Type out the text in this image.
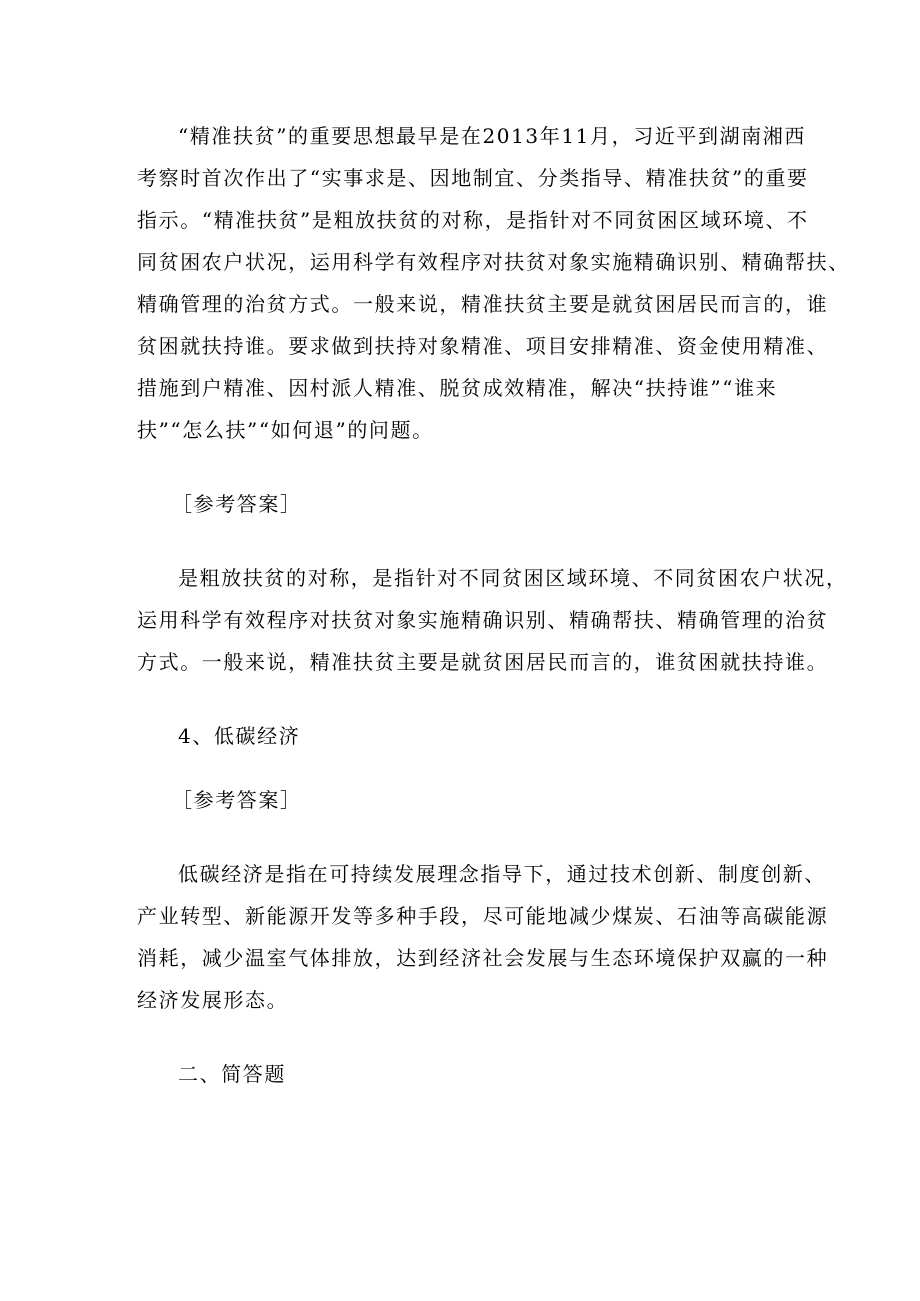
“精准扶贫”的重要思想最早是在2013年11月，习近平到湖南湘西
考察时首次作出了“实事求是、因地制宜、分类指导、精准扶贫”的重要
指示。“精准扶贫”是粗放扶贫的对称，是指针对不同贫困区域环境、不
同贫困农户状况，运用科学有效程序对扶贫对象实施精确识别、精确帮扶、
精确管理的治贫方式。一般来说，精准扶贫主要是就贫困居民而言的，谁
贫困就扶持谁。要求做到扶持对象精准、项目安排精准、资金使用精准、
措施到户精准、因村派人精准、脱贫成效精准，解决“扶持谁”“谁来
扶”“怎么扶”“如何退”的问题。
［参考答案］
是粗放扶贫的对称，是指针对不同贫困区域环境、不同贫困农户状况，
运用科学有效程序对扶贫对象实施精确识别、精确帮扶、精确管理的治贫
方式。一般来说，精准扶贫主要是就贫困居民而言的，谁贫困就扶持谁。
4、低碳经济
［参考答案］
低碳经济是指在可持续发展理念指导下，通过技术创新、制度创新、
产业转型、新能源开发等多种手段，尽可能地减少煤炭、石油等高碳能源
消耗，减少温室气体排放，达到经济社会发展与生态环境保护双赢的一种
经济发展形态。
二、简答题
